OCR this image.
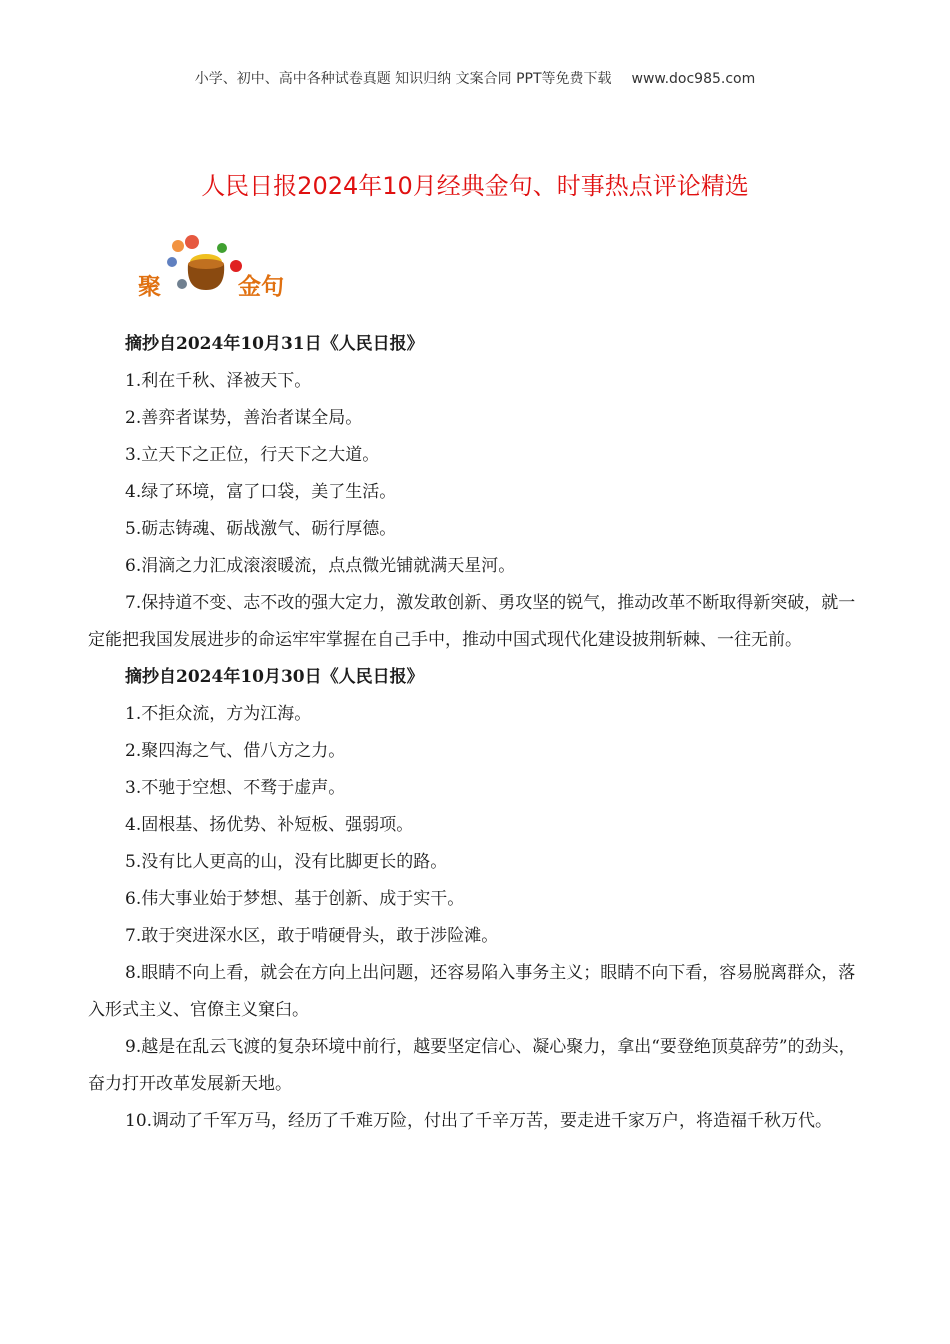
小学、初中、高中各种试卷真题 知识归纳 文案合同 PPT等免费下载 www.doc985.com
人民日报2024年10月经典金句、时事热点评论精选
聚	金句

摘抄自2024年10月31日《人民日报》

1.利在千秋、泽被天下。

2.善弈者谋势，善治者谋全局。

3.立天下之正位，行天下之大道。

4.绿了环境，富了口袋，美了生活。

5.砺志铸魂、砺战激气、砺行厚德。

6.涓滴之力汇成滚滚暖流，点点微光铺就满天星河。

7.保持道不变、志不改的强大定力，激发敢创新、勇攻坚的锐气，推动改革不断取得新突破，就一定能把我国发展进步的命运牢牢掌握在自己手中，推动中国式现代化建设披荆斩棘、一往无前。

摘抄自2024年10月30日《人民日报》

1.不拒众流，方为江海。

2.聚四海之气、借八方之力。

3.不驰于空想、不骛于虚声。

4.固根基、扬优势、补短板、强弱项。

5.没有比人更高的山，没有比脚更长的路。

6.伟大事业始于梦想、基于创新、成于实干。

7.敢于突进深水区，敢于啃硬骨头，敢于涉险滩。

8.眼睛不向上看，就会在方向上出问题，还容易陷入事务主义；眼睛不向下看，容易脱离群众，落入形式主义、官僚主义窠臼。

9.越是在乱云飞渡的复杂环境中前行，越要坚定信心、凝心聚力，拿出“要登绝顶莫辞劳”的劲头，奋力打开改革发展新天地。

10.调动了千军万马，经历了千难万险，付出了千辛万苦，要走进千家万户，将造福千秋万代。
